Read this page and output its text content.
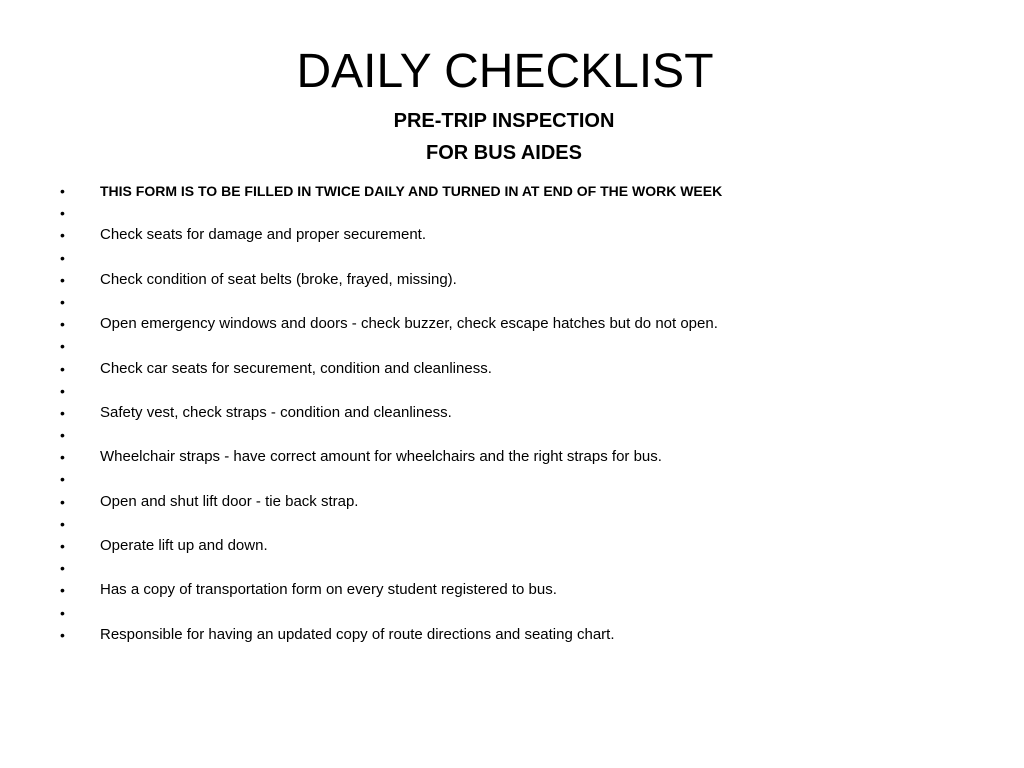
DAILY CHECKLIST
PRE-TRIP INSPECTION
FOR BUS AIDES
•	THIS FORM IS TO BE FILLED IN TWICE DAILY AND TURNED IN AT END OF THE WORK WEEK
•
•	Check seats for damage and proper securement.
•
•	Check condition of seat belts (broke, frayed, missing).
•
•	Open emergency windows and doors - check buzzer, check escape hatches but do not open.
•
•	Check car seats for securement, condition and cleanliness.
•
•	Safety vest, check straps - condition and cleanliness.
•
•	Wheelchair straps - have correct amount for wheelchairs and the right straps for bus.
•
•	Open and shut lift door - tie back strap.
•
•	Operate lift up and down.
•
•	Has a copy of transportation form on every student registered to bus.
•
•	Responsible for having an updated copy of route directions and seating chart.
